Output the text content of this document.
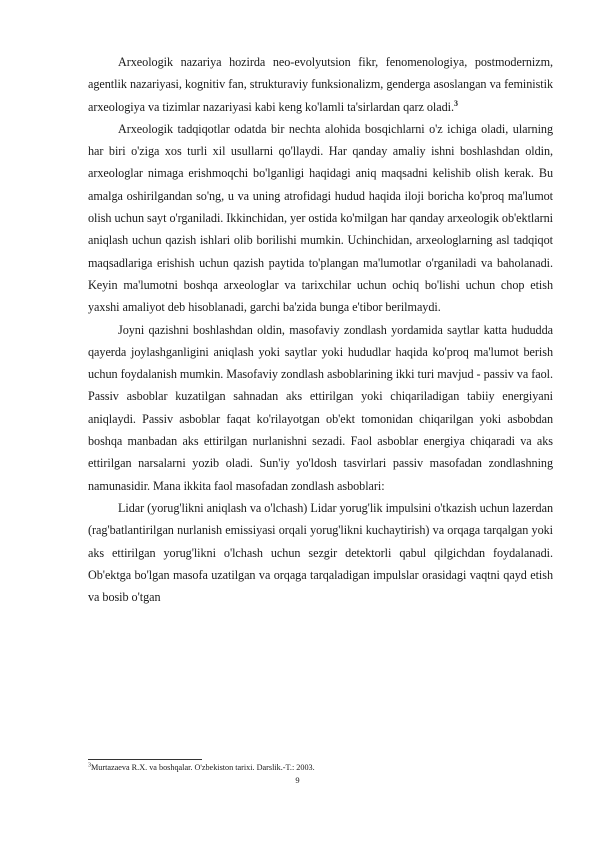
Arxeologik nazariya hozirda neo-evolyutsion fikr, fenomenologiya, postmodernizm, agentlik nazariyasi, kognitiv fan, strukturaviy funksionalizm, genderga asoslangan va feministik arxeologiya va tizimlar nazariyasi kabi keng ko'lamli ta'sirlardan qarz oladi.$^3$

Arxeologik tadqiqotlar odatda bir nechta alohida bosqichlarni o'z ichiga oladi, ularning har biri o'ziga xos turli xil usullarni qo'llaydi. Har qanday amaliy ishni boshlashdan oldin, arxeologlar nimaga erishmoqchi bo'lganligi haqidagi aniq maqsadni kelishib olish kerak. Bu amalga oshirilgandan so'ng, u va uning atrofidagi hudud haqida iloji boricha ko'proq ma'lumot olish uchun sayt o'rganiladi. Ikkinchidan, yer ostida ko'milgan har qanday arxeologik ob'ektlarni aniqlash uchun qazish ishlari olib borilishi mumkin. Uchinchidan, arxeologlarning asl tadqiqot maqsadlariga erishish uchun qazish paytida to'plangan ma'lumotlar o'rganiladi va baholanadi. Keyin ma'lumotni boshqa arxeologlar va tarixchilar uchun ochiq bo'lishi uchun chop etish yaxshi amaliyot deb hisoblanadi, garchi ba'zida bunga e'tibor berilmaydi.

Joyni qazishni boshlashdan oldin, masofaviy zondlash yordamida saytlar katta hududda qayerda joylashganligini aniqlash yoki saytlar yoki hududlar haqida ko'proq ma'lumot berish uchun foydalanish mumkin. Masofaviy zondlash asboblarining ikki turi mavjud - passiv va faol. Passiv asboblar kuzatilgan sahnadan aks ettirilgan yoki chiqariladigan tabiiy energiyani aniqlaydi. Passiv asboblar faqat ko'rilayotgan ob'ekt tomonidan chiqarilgan yoki asbobdan boshqa manbadan aks ettirilgan nurlanishni sezadi. Faol asboblar energiya chiqaradi va aks ettirilgan narsalarni yozib oladi. Sun'iy yo'ldosh tasvirlari passiv masofadan zondlashning namunasidir. Mana ikkita faol masofadan zondlash asboblari:

Lidar (yorug'likni aniqlash va o'lchash) Lidar yorug'lik impulsini o'tkazish uchun lazerdan (rag'batlantirilgan nurlanish emissiyasi orqali yorug'likni kuchaytirish) va orqaga tarqalgan yoki aks ettirilgan yorug'likni o'lchash uchun sezgir detektorli qabul qilgichdan foydalanadi. Ob'ektga bo'lgan masofa uzatilgan va orqaga tarqaladigan impulslar orasidagi vaqtni qayd etish va bosib o'tgan

$^3$Murtazaeva R.X. va boshqalar. O'zbekiston tarixi. Darslik.-T.: 2003.
9
